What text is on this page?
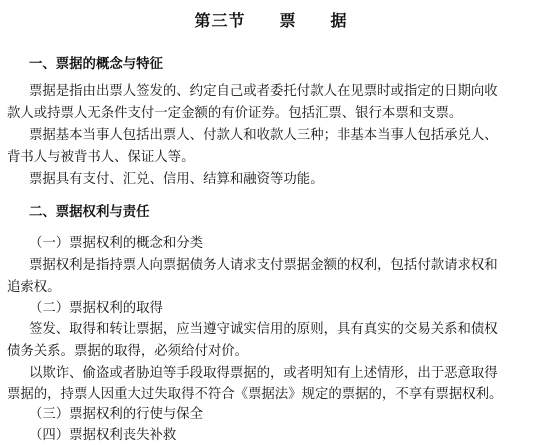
第三节　　票　　据
一、票据的概念与特征
票据是指由出票人签发的、约定自己或者委托付款人在见票时或指定的日期向收
款人或持票人无条件支付一定金额的有价证券。包括汇票、银行本票和支票。
票据基本当事人包括出票人、付款人和收款人三种；非基本当事人包括承兑人、
背书人与被背书人、保证人等。
票据具有支付、汇兑、信用、结算和融资等功能。
二、票据权利与责任
（一）票据权利的概念和分类
票据权利是指持票人向票据债务人请求支付票据金额的权利，包括付款请求权和
追索权。
（二）票据权利的取得
签发、取得和转让票据，应当遵守诚实信用的原则，具有真实的交易关系和债权
债务关系。票据的取得，必须给付对价。
以欺诈、偷盗或者胁迫等手段取得票据的，或者明知有上述情形，出于恶意取得
票据的，持票人因重大过失取得不符合《票据法》规定的票据的，不享有票据权利。
（三）票据权利的行使与保全
（四）票据权利丧失补救
